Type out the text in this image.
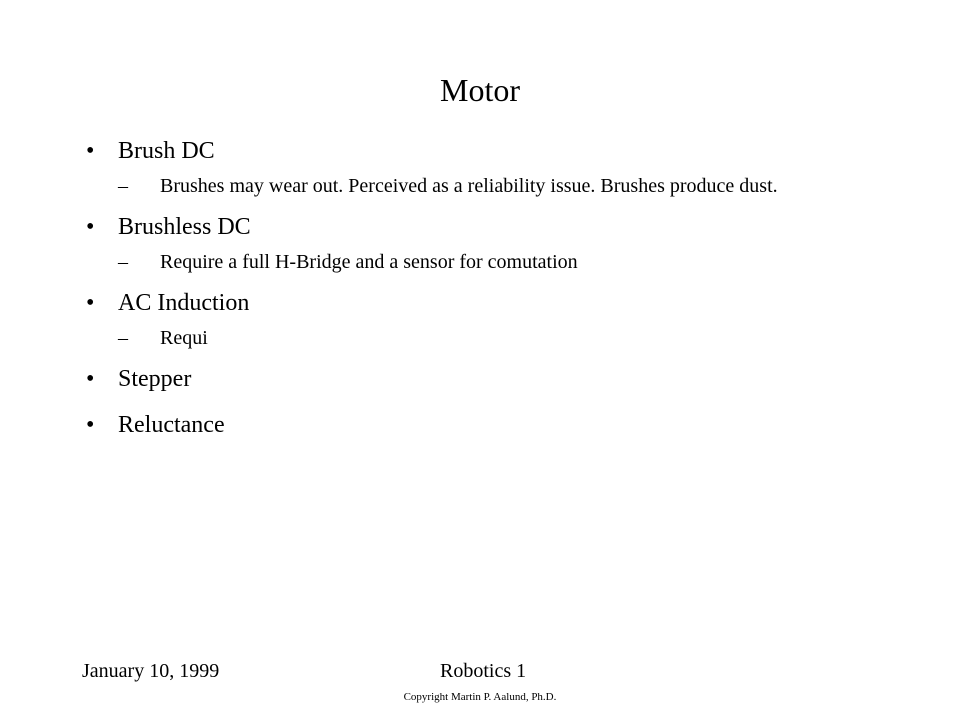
Motor
• Brush DC
– Brushes may wear out. Perceived as a reliability issue. Brushes produce dust.
• Brushless DC
– Require a full H-Bridge and a sensor for comutation
• AC Induction
– Requi
• Stepper
• Reluctance
January 10, 1999	Robotics 1
Copyright Martin P. Aalund, Ph.D.
